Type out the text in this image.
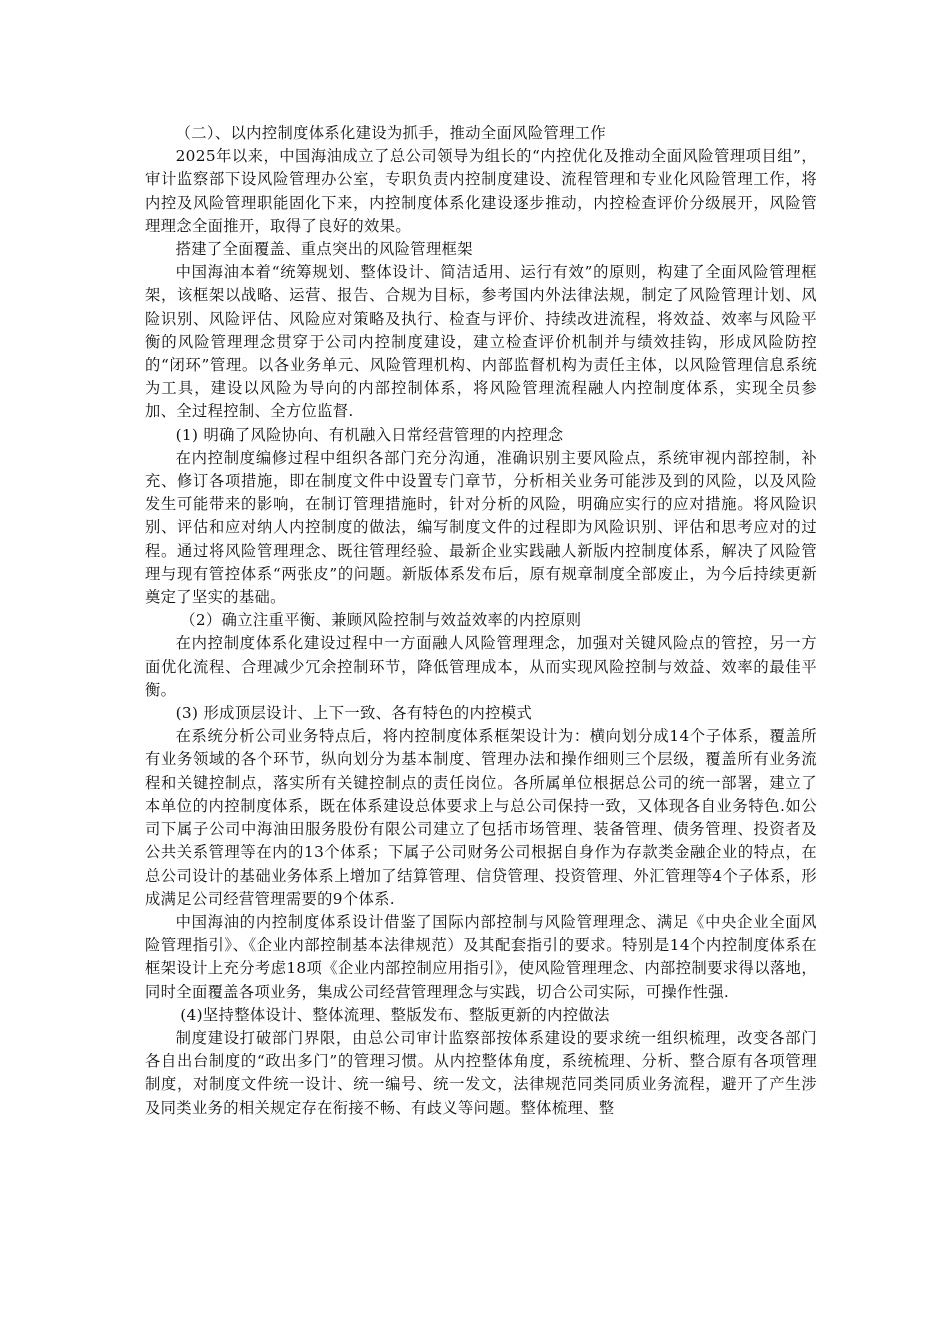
（二）、以内控制度体系化建设为抓手，推动全面风险管理工作

2025年以来，中国海油成立了总公司领导为组长的“内控优化及推动全面风险管理项目组”，审计监察部下设风险管理办公室，专职负责内控制度建设、流程管理和专业化风险管理工作，将内控及风险管理职能固化下来，内控制度体系化建设逐步推动，内控检查评价分级展开，风险管理理念全面推开，取得了良好的效果。

搭建了全面覆盖、重点突出的风险管理框架

中国海油本着“统筹规划、整体设计、简洁适用、运行有效”的原则，构建了全面风险管理框架，该框架以战略、运营、报告、合规为目标，参考国内外法律法规，制定了风险管理计划、风险识别、风险评估、风险应对策略及执行、检查与评价、持续改进流程，将效益、效率与风险平衡的风险管理理念贯穿于公司内控制度建设，建立检查评价机制并与绩效挂钩，形成风险防控的“闭环”管理。以各业务单元、风险管理机构、内部监督机构为责任主体，以风险管理信息系统为工具，建设以风险为导向的内部控制体系，将风险管理流程融人内控制度体系，实现全员参加、全过程控制、全方位监督.

(1) 明确了风险协向、有机融入日常经营管理的内控理念

在内控制度编修过程中组织各部门充分沟通，准确识别主要风险点，系统审视内部控制，补充、修订各项措施，即在制度文件中设置专门章节，分析相关业务可能涉及到的风险，以及风险发生可能带来的影响，在制订管理措施时，针对分析的风险，明确应实行的应对措施。将风险识别、评估和应对纳人内控制度的做法，编写制度文件的过程即为风险识别、评估和思考应对的过程。通过将风险管理理念、既往管理经验、最新企业实践融人新版内控制度体系，解决了风险管理与现有管控体系“两张皮”的问题。新版体系发布后，原有规章制度全部废止，为今后持续更新奠定了坚实的基础。

（2）确立注重平衡、兼顾风险控制与效益效率的内控原则

在内控制度体系化建设过程中一方面融人风险管理理念，加强对关键风险点的管控，另一方面优化流程、合理减少冗余控制环节，降低管理成本，从而实现风险控制与效益、效率的最佳平衡。

(3) 形成顶层设计、上下一致、各有特色的内控模式

在系统分析公司业务特点后，将内控制度体系框架设计为：横向划分成14个子体系，覆盖所有业务领域的各个环节，纵向划分为基本制度、管理办法和操作细则三个层级，覆盖所有业务流程和关键控制点，落实所有关键控制点的责任岗位。各所属单位根据总公司的统一部署，建立了本单位的内控制度体系，既在体系建设总体要求上与总公司保持一致，又体现各自业务特色.如公司下属子公司中海油田服务股份有限公司建立了包括市场管理、装备管理、债务管理、投资者及公共关系管理等在内的13个体系；下属子公司财务公司根据自身作为存款类金融企业的特点，在总公司设计的基础业务体系上增加了结算管理、信贷管理、投资管理、外汇管理等4个子体系，形成满足公司经营管理需要的9个体系.

中国海油的内控制度体系设计借鉴了国际内部控制与风险管理理念、满足《中央企业全面风险管理指引》、《企业内部控制基本法律规范）及其配套指引的要求。特别是14个内控制度体系在框架设计上充分考虑18项《企业内部控制应用指引》，使风险管理理念、内部控制要求得以落地，同时全面覆盖各项业务，集成公司经营管理理念与实践，切合公司实际，可操作性强.

(4)坚持整体设计、整体流理、整版发布、整版更新的内控做法

制度建设打破部门界限，由总公司审计监察部按体系建设的要求统一组织梳理，改变各部门各自出台制度的“政出多门”的管理习惯。从内控整体角度，系统梳理、分析、整合原有各项管理制度，对制度文件统一设计、统一编号、统一发文，法律规范同类同质业务流程，避开了产生涉及同类业务的相关规定存在衔接不畅、有歧义等问题。整体梳理、整
